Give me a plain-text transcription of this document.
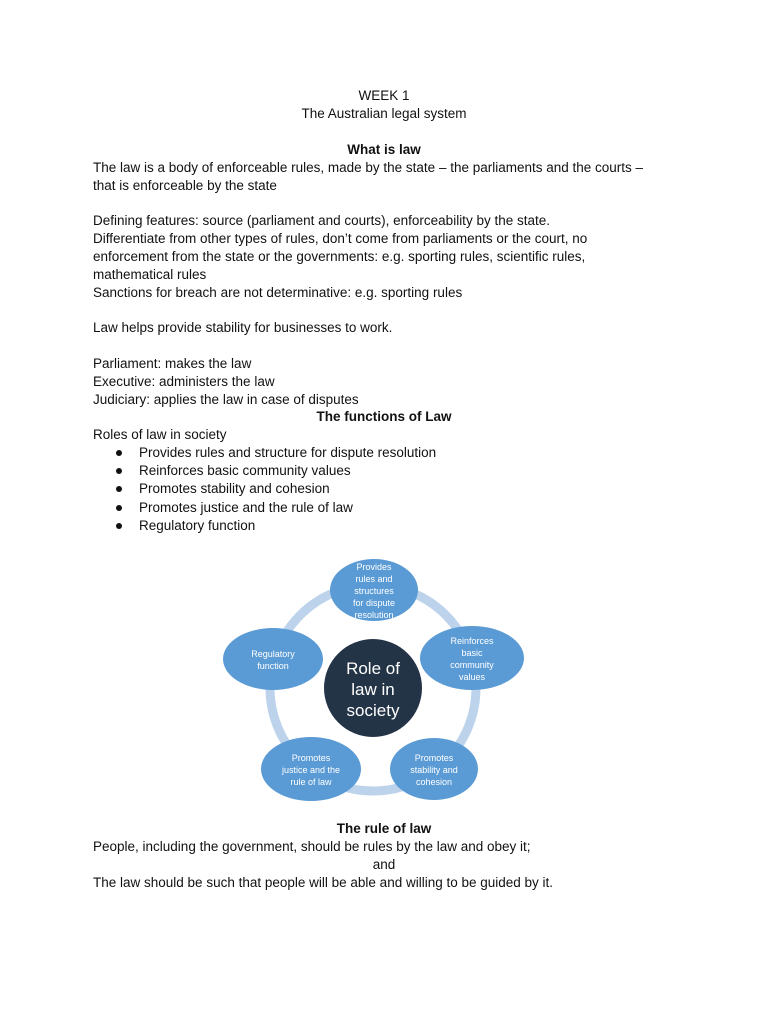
WEEK 1
The Australian legal system
What is law
The law is a body of enforceable rules, made by the state – the parliaments and the courts –
that is enforceable by the state
Defining features: source (parliament and courts), enforceability by the state.
Differentiate from other types of rules, don’t come from parliaments or the court, no
enforcement from the state or the governments: e.g. sporting rules, scientific rules,
mathematical rules
Sanctions for breach are not determinative: e.g. sporting rules
Law helps provide stability for businesses to work.
Parliament: makes the law
Executive: administers the law
Judiciary: applies the law in case of disputes
The functions of Law
Roles of law in society
Provides rules and structure for dispute resolution
Reinforces basic community values
Promotes stability and cohesion
Promotes justice and the rule of law
Regulatory function
Provides
rules and
structures
for dispute
resolution
Reinforces
basic
community
values
Promotes
stability and
cohesion
Promotes
justice and the
rule of law
Regulatory
function	Role of
law in
society
The rule of law
People, including the government, should be rules by the law and obey it;
and
The law should be such that people will be able and willing to be guided by it.
